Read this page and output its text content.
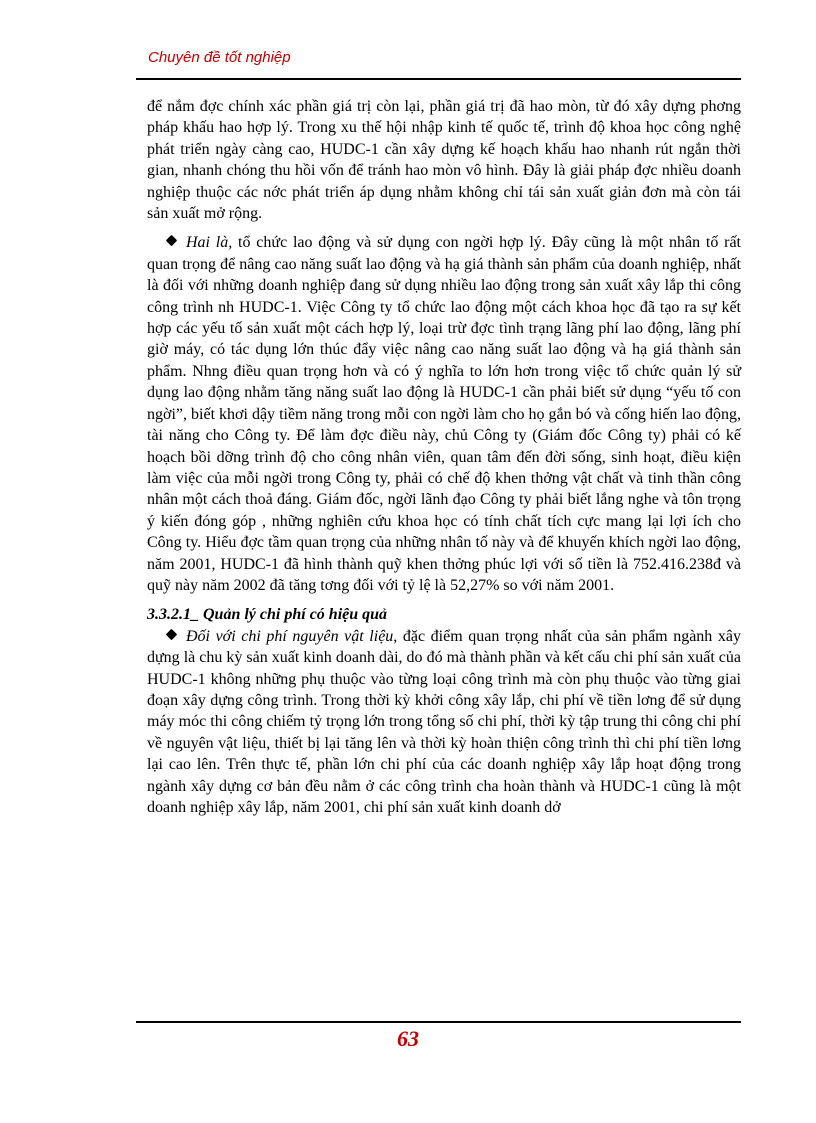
Chuyên đề tốt nghiệp

để nắm đợc chính xác phần giá trị còn lại, phần giá trị đã hao mòn, từ đó xây dựng phơng pháp khấu hao hợp lý. Trong xu thế hội nhập kinh tế quốc tế, trình độ khoa học công nghệ phát triển ngày càng cao, HUDC-1 cần xây dựng kế hoạch khấu hao nhanh rút ngắn thời gian, nhanh chóng thu hồi vốn để tránh hao mòn vô hình. Đây là giải pháp đợc nhiều doanh nghiệp thuộc các nớc phát triển áp dụng nhằm không chỉ tái sản xuất giản đơn mà còn tái sản xuất mở rộng.

Hai là, tổ chức lao động và sử dụng con ngời hợp lý. Đây cũng là một nhân tố rất quan trọng để nâng cao năng suất lao động và hạ giá thành sản phẩm của doanh nghiệp, nhất là đối với những doanh nghiệp đang sử dụng nhiều lao động trong sản xuất xây lắp thi công công trình nh HUDC-1. Việc Công ty tổ chức lao động một cách khoa học đã tạo ra sự kết hợp các yếu tố sản xuất một cách hợp lý, loại trừ đợc tình trạng lãng phí lao động, lãng phí giờ máy, có tác dụng lớn thúc đẩy việc nâng cao năng suất lao động và hạ giá thành sản phẩm. Nhng điều quan trọng hơn và có ý nghĩa to lớn hơn trong việc tổ chức quản lý sử dụng lao động nhằm tăng năng suất lao động là HUDC-1 cần phải biết sử dụng “yếu tố con ngời”, biết khơi dậy tiềm năng trong mỗi con ngời làm cho họ gắn bó và cống hiến lao động, tài năng cho Công ty. Để làm đợc điều này, chủ Công ty (Giám đốc Công ty) phải có kế hoạch bồi dỡng trình độ cho công nhân viên, quan tâm đến đời sống, sinh hoạt, điều kiện làm việc của mỗi ngời trong Công ty, phải có chế độ khen thởng vật chất và tinh thần công nhân một cách thoả đáng. Giám đốc, ngời lãnh đạo Công ty phải biết lắng nghe và tôn trọng ý kiến đóng góp , những nghiên cứu khoa học có tính chất tích cực mang lại lợi ích cho Công ty. Hiểu đợc tầm quan trọng của những nhân tố này và để khuyến khích ngời lao động, năm 2001, HUDC-1 đã hình thành quỹ khen thởng phúc lợi với số tiền là 752.416.238đ và quỹ này năm 2002 đã tăng tơng đối với tỷ lệ là 52,27% so với năm 2001.

3.3.2.1_ Quản lý chi phí có hiệu quả

Đối với chi phí nguyên vật liệu, đặc điểm quan trọng nhất của sản phẩm ngành xây dựng là chu kỳ sản xuất kinh doanh dài, do đó mà thành phần và kết cấu chi phí sản xuất của HUDC-1 không những phụ thuộc vào từng loại công trình mà còn phụ thuộc vào từng giai đoạn xây dựng công trình. Trong thời kỳ khởi công xây lắp, chi phí về tiền lơng để sử dụng máy móc thi công chiếm tỷ trọng lớn trong tổng số chi phí, thời kỳ tập trung thi công chi phí về nguyên vật liệu, thiết bị lại tăng lên và thời kỳ hoàn thiện công trình thì chi phí tiền lơng lại cao lên. Trên thực tế, phần lớn chi phí của các doanh nghiệp xây lắp hoạt động trong ngành xây dựng cơ bản đều nằm ở các công trình cha hoàn thành và HUDC-1 cũng là một doanh nghiệp xây lắp, năm 2001, chi phí sản xuất kinh doanh dở

63
